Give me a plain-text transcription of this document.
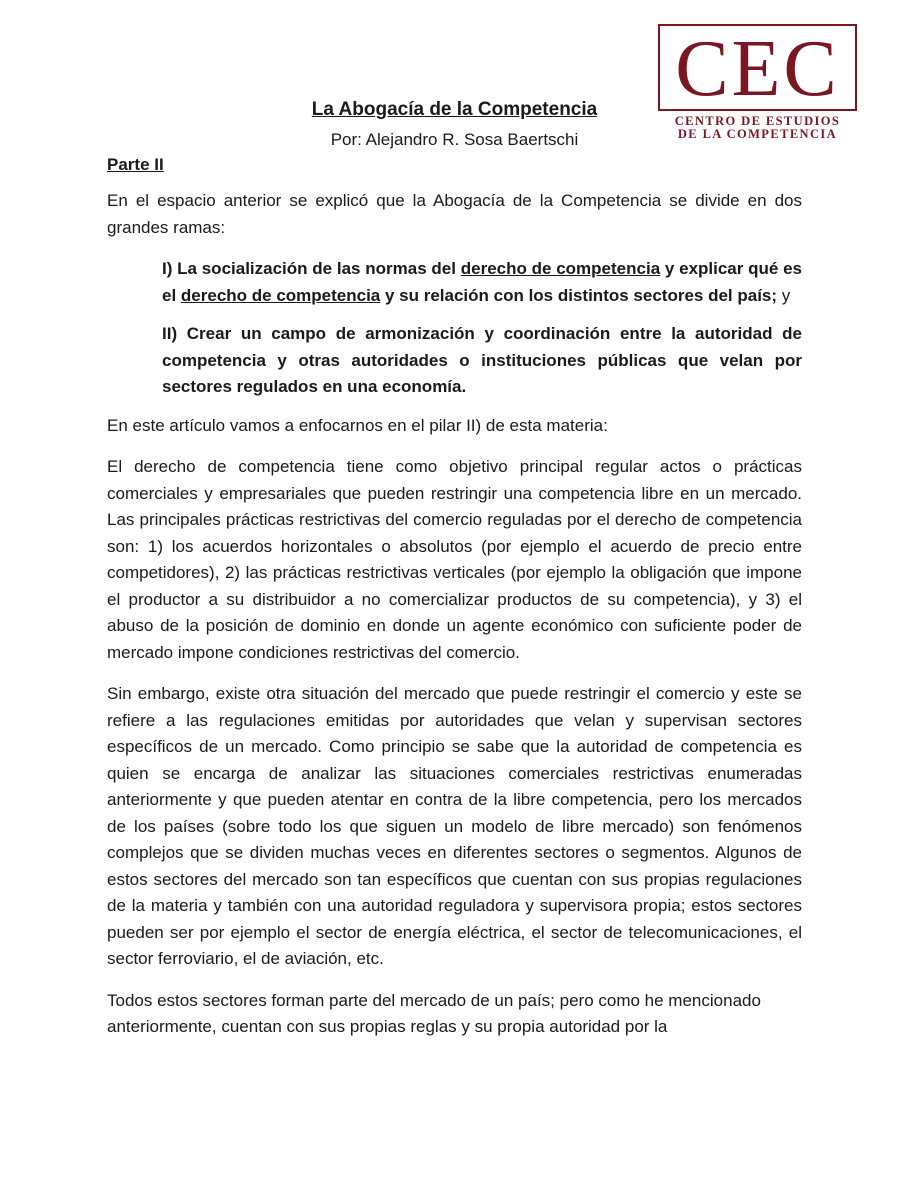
CEC
CENTRO DE ESTUDIOS
DE LA COMPETENCIA
La Abogacía de la Competencia
Por: Alejandro R. Sosa Baertschi
Parte II

En el espacio anterior se explicó que la Abogacía de la Competencia se divide en dos grandes ramas:

I) La socialización de las normas del derecho de competencia y explicar qué es el derecho de competencia y su relación con los distintos sectores del país; y

II) Crear un campo de armonización y coordinación entre la autoridad de competencia y otras autoridades o instituciones públicas que velan por sectores regulados en una economía.

En este artículo vamos a enfocarnos en el pilar II) de esta materia:

El derecho de competencia tiene como objetivo principal regular actos o prácticas comerciales y empresariales que pueden restringir una competencia libre en un mercado. Las principales prácticas restrictivas del comercio reguladas por el derecho de competencia son: 1) los acuerdos horizontales o absolutos (por ejemplo el acuerdo de precio entre competidores), 2) las prácticas restrictivas verticales (por ejemplo la obligación que impone el productor a su distribuidor a no comercializar productos de su competencia), y 3) el abuso de la posición de dominio en donde un agente económico con suficiente poder de mercado impone condiciones restrictivas del comercio.

Sin embargo, existe otra situación del mercado que puede restringir el comercio y este se refiere a las regulaciones emitidas por autoridades que velan y supervisan sectores específicos de un mercado. Como principio se sabe que la autoridad de competencia es quien se encarga de analizar las situaciones comerciales restrictivas enumeradas anteriormente y que pueden atentar en contra de la libre competencia, pero los mercados de los países (sobre todo los que siguen un modelo de libre mercado) son fenómenos complejos que se dividen muchas veces en diferentes sectores o segmentos. Algunos de estos sectores del mercado son tan específicos que cuentan con sus propias regulaciones de la materia y también con una autoridad reguladora y supervisora propia; estos sectores pueden ser por ejemplo el sector de energía eléctrica, el sector de telecomunicaciones, el sector ferroviario, el de aviación, etc.

Todos estos sectores forman parte del mercado de un país; pero como he mencionado anteriormente, cuentan con sus propias reglas y su propia autoridad por la
